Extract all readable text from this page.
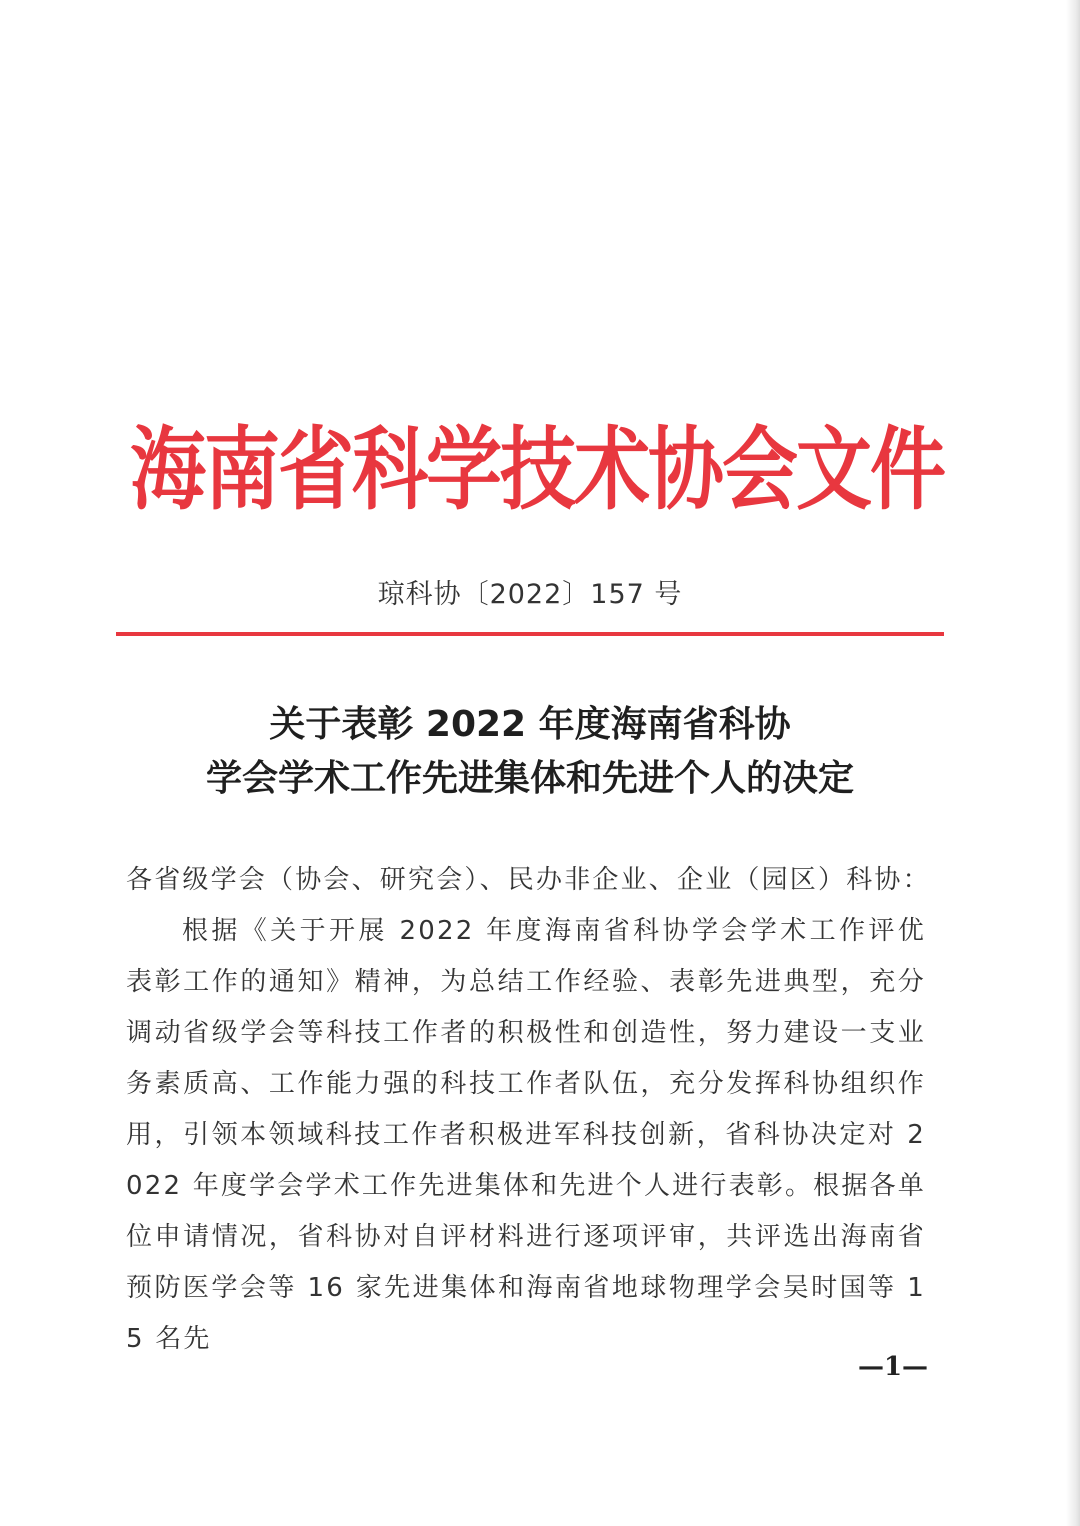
海南省科学技术协会文件
琼科协〔2022〕157 号
关于表彰 2022 年度海南省科协
学会学术工作先进集体和先进个人的决定
各省级学会（协会、研究会）、民办非企业、企业（园区）科协：
根据《关于开展 2022 年度海南省科协学会学术工作评优表彰工作的通知》精神，为总结工作经验、表彰先进典型，充分调动省级学会等科技工作者的积极性和创造性，努力建设一支业务素质高、工作能力强的科技工作者队伍，充分发挥科协组织作用，引领本领域科技工作者积极进军科技创新，省科协决定对 2022 年度学会学术工作先进集体和先进个人进行表彰。根据各单位申请情况，省科协对自评材料进行逐项评审，共评选出海南省预防医学会等 16 家先进集体和海南省地球物理学会吴时国等 15 名先
—1—
